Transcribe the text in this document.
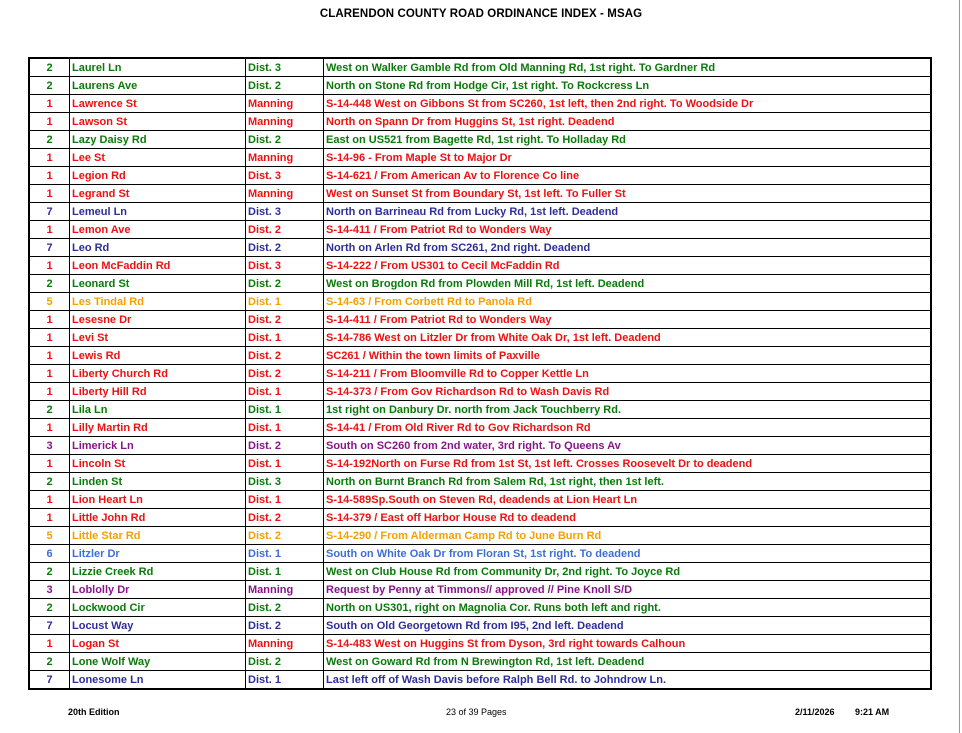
CLARENDON COUNTY ROAD ORDINANCE INDEX - MSAG
2	Laurel Ln	Dist. 3	West on Walker Gamble Rd from Old Manning Rd, 1st right. To Gardner Rd
2	Laurens Ave	Dist. 2	North on Stone Rd from Hodge Cir, 1st right. To Rockcress Ln
1	Lawrence St	Manning	S-14-448 West on Gibbons St from SC260, 1st left, then 2nd right. To Woodside Dr
1	Lawson St	Manning	North on Spann Dr from Huggins St, 1st right. Deadend
2	Lazy Daisy Rd	Dist. 2	East on US521 from Bagette Rd, 1st right. To Holladay Rd
1	Lee St	Manning	S-14-96 - From Maple St to Major Dr
1	Legion Rd	Dist. 3	S-14-621 / From American Av to Florence Co line
1	Legrand St	Manning	West on Sunset St from Boundary St, 1st left. To Fuller St
7	Lemeul Ln	Dist. 3	North on Barrineau Rd from Lucky Rd, 1st left. Deadend
1	Lemon Ave	Dist. 2	S-14-411 / From Patriot Rd to Wonders Way
7	Leo Rd	Dist. 2	North on Arlen Rd from SC261, 2nd right. Deadend
1	Leon McFaddin Rd	Dist. 3	S-14-222 / From US301 to Cecil McFaddin Rd
2	Leonard St	Dist. 2	West on Brogdon Rd from Plowden Mill Rd, 1st left. Deadend
5	Les Tindal Rd	Dist. 1	S-14-63 / From Corbett Rd to Panola Rd
1	Lesesne Dr	Dist. 2	S-14-411 / From Patriot Rd to Wonders Way
1	Levi St	Dist. 1	S-14-786 West on Litzler Dr from White Oak Dr, 1st left. Deadend
1	Lewis Rd	Dist. 2	SC261 / Within the town limits of Paxville
1	Liberty Church Rd	Dist. 2	S-14-211 / From Bloomville Rd to Copper Kettle Ln
1	Liberty Hill Rd	Dist. 1	S-14-373 / From Gov Richardson Rd to Wash Davis Rd
2	Lila Ln	Dist. 1	1st right on Danbury Dr. north from Jack Touchberry Rd.
1	Lilly Martin Rd	Dist. 1	S-14-41 / From Old River Rd to Gov Richardson Rd
3	Limerick Ln	Dist. 2	South on SC260 from 2nd water, 3rd right. To Queens Av
1	Lincoln St	Dist. 1	S-14-192North on Furse Rd from 1st St, 1st left. Crosses Roosevelt Dr to deadend
2	Linden St	Dist. 3	North on Burnt Branch Rd from Salem Rd, 1st right, then 1st left.
1	Lion Heart Ln	Dist. 1	S-14-589Sp.South on Steven Rd, deadends at Lion Heart Ln
1	Little John Rd	Dist. 2	S-14-379 / East off Harbor House Rd to deadend
5	Little Star Rd	Dist. 2	S-14-290 / From Alderman Camp Rd to June Burn Rd
6	Litzler Dr	Dist. 1	South on White Oak Dr from Floran St, 1st right. To deadend
2	Lizzie Creek Rd	Dist. 1	West on Club House Rd from Community Dr, 2nd right. To Joyce Rd
3	Loblolly Dr	Manning	Request by Penny at Timmons// approved // Pine Knoll S/D
2	Lockwood Cir	Dist. 2	North on US301, right on Magnolia Cor. Runs both left and right.
7	Locust Way	Dist. 2	South on Old Georgetown Rd from I95, 2nd left. Deadend
1	Logan St	Manning	S-14-483 West on Huggins St from Dyson, 3rd right towards Calhoun
2	Lone Wolf Way	Dist. 2	West on Goward Rd from N Brewington Rd, 1st left. Deadend
7	Lonesome Ln	Dist. 1	Last left off of Wash Davis before Ralph Bell Rd. to Johndrow Ln.
20th Edition	23 of 39 Pages	2/11/2026 9:21 AM
